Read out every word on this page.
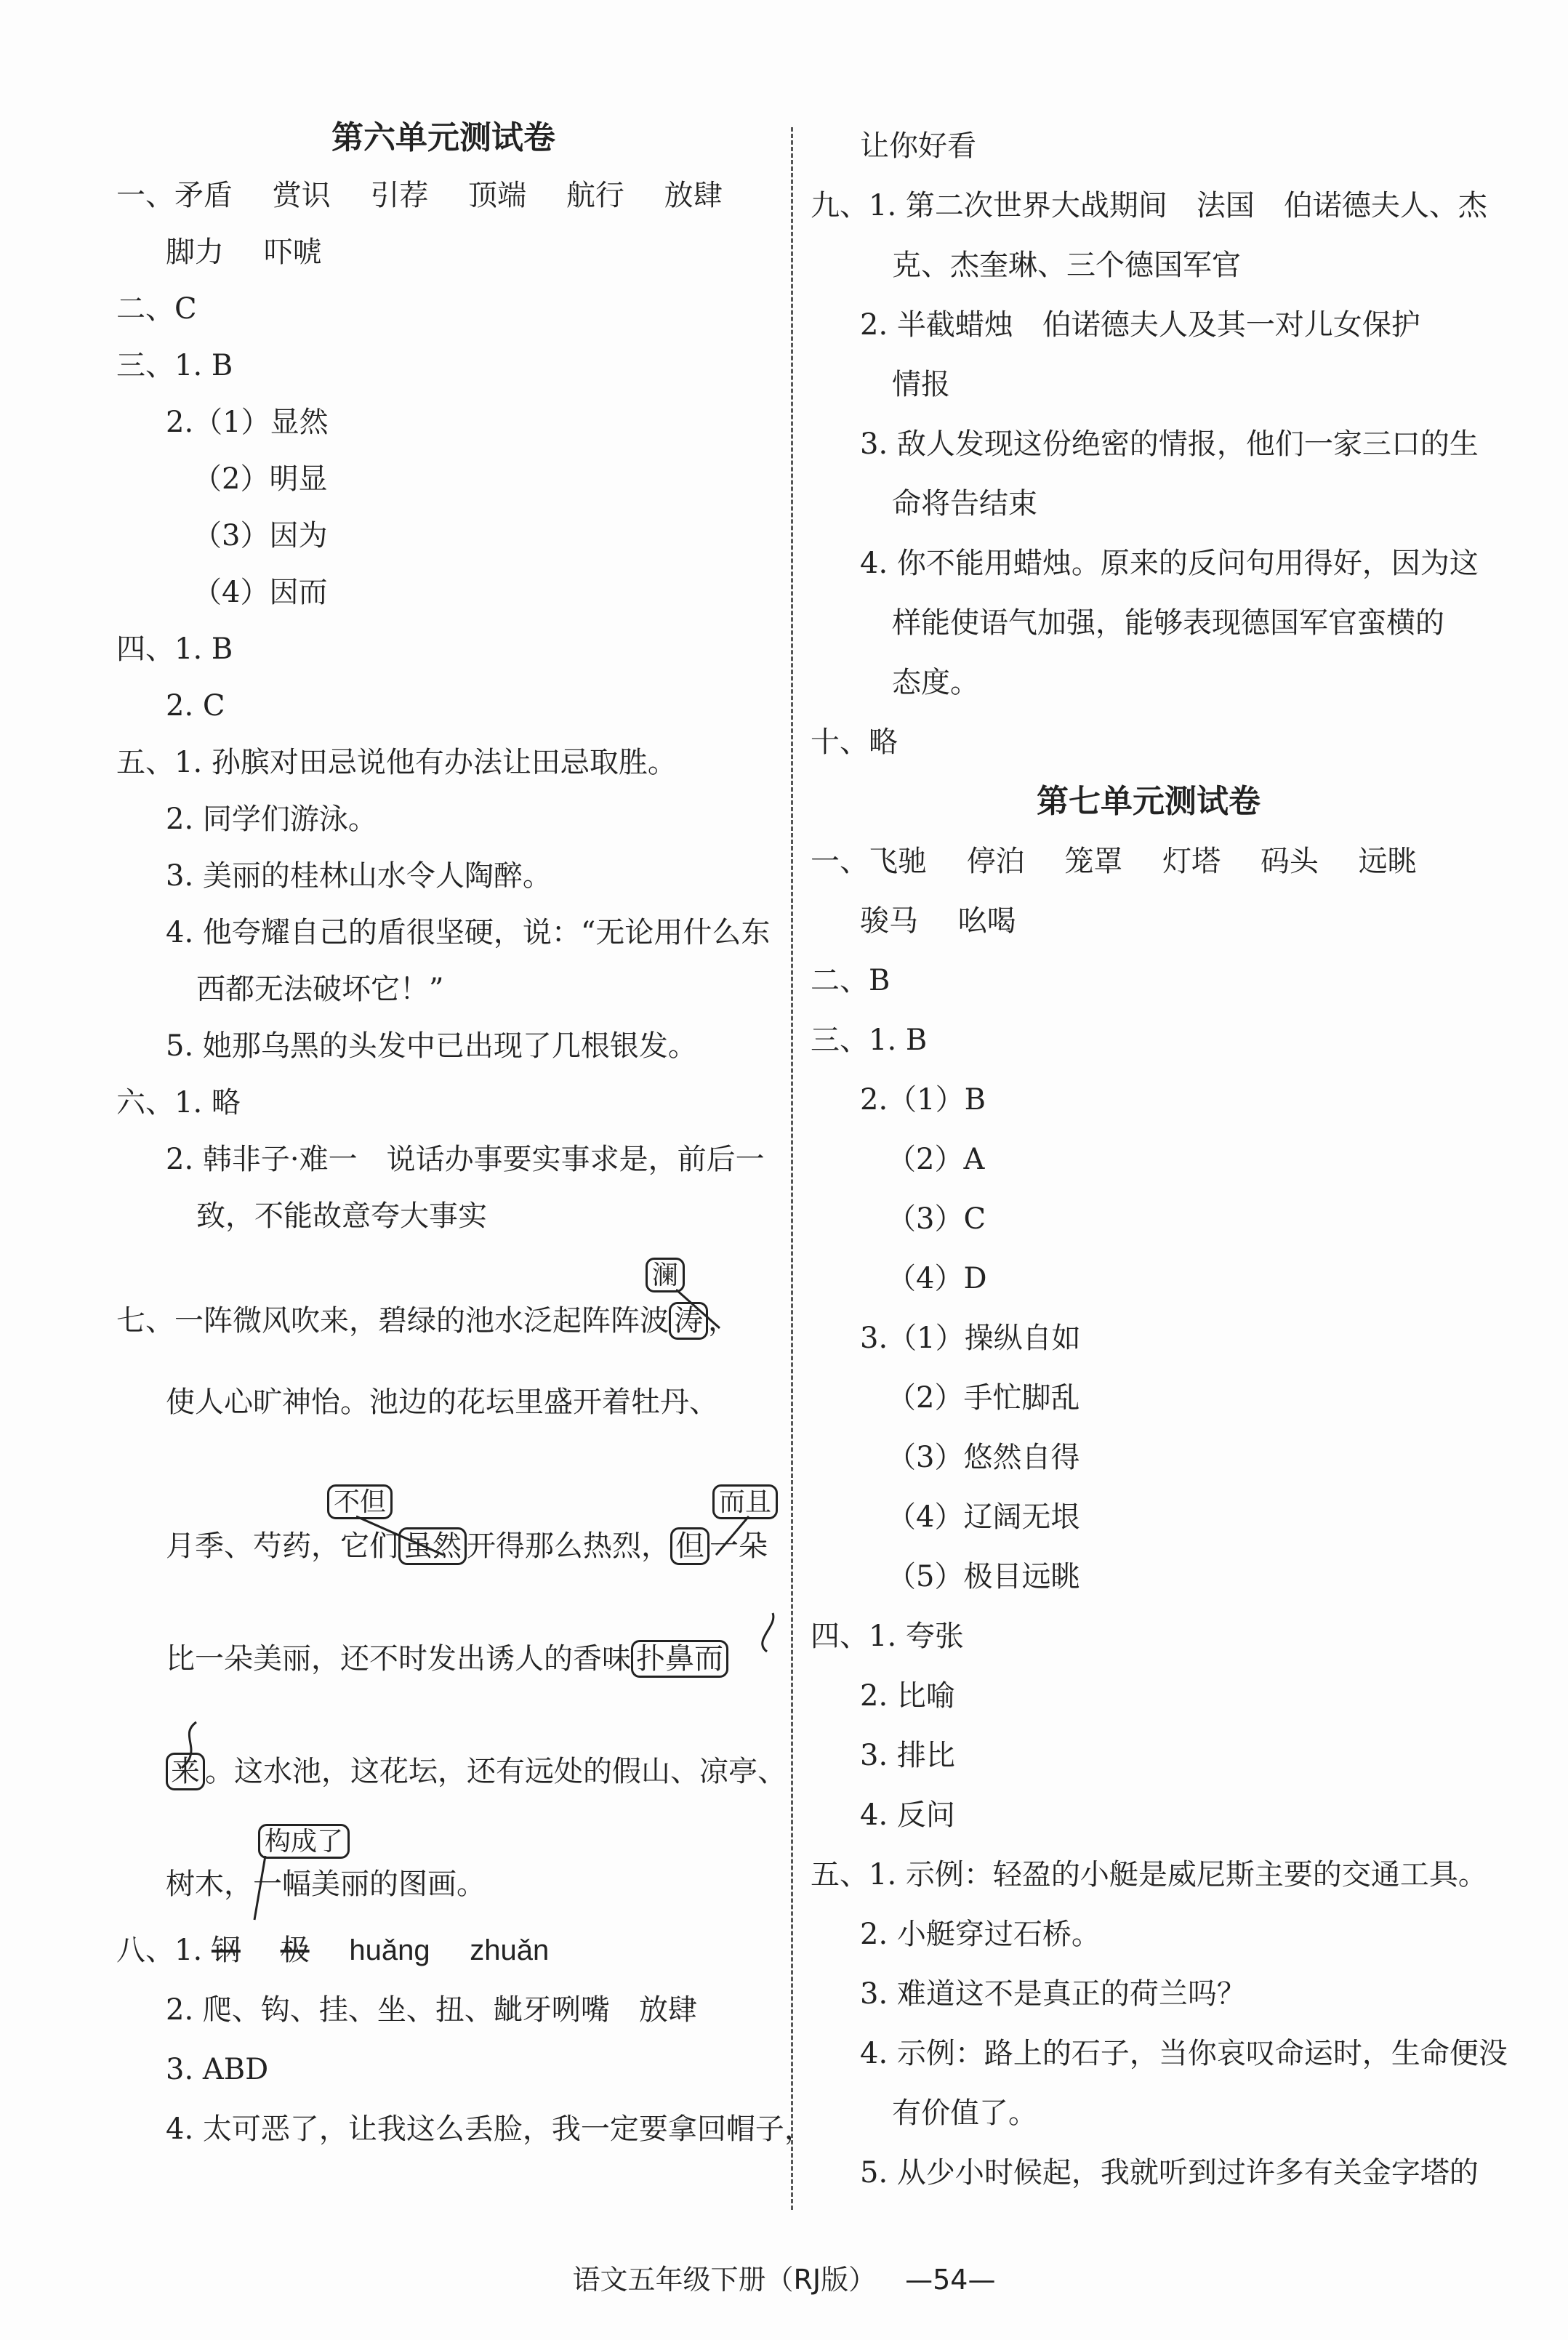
第六单元测试卷
一、矛盾 赏识 引荐 顶端 航行 放肆
脚力 吓唬
二、C
三、1. B
2.（1）显然
（2）明显
（3）因为
（4）因而
四、1. B
2. C
五、1. 孙膑对田忌说他有办法让田忌取胜。
2. 同学们游泳。
3. 美丽的桂林山水令人陶醉。
4. 他夸耀自己的盾很坚硬，说：“无论用什么东
西都无法破坏它！”
5. 她那乌黑的头发中已出现了几根银发。
六、1. 略
2. 韩非子·难一　说话办事要实事求是，前后一
致，不能故意夸大事实
七、一阵微风吹来，碧绿的池水泛起阵阵波 涛 ，
澜
使人心旷神怡。池边的花坛里盛开着牡丹、
月季、芍药，它们 虽然 开得那么热烈， 但 一朵
不但	而且
比一朵美丽，还不时发出诱人的香味 扑鼻而
来 。这水池，这花坛，还有远处的假山、凉亭、
树木，一幅美丽的图画。
构成了
八、1. 钢 极 huǎng zhuǎn
2. 爬、钩、挂、坐、扭、龇牙咧嘴　放肆
3. ABD
4. 太可恶了，让我这么丢脸，我一定要拿回帽子，
让你好看
九、1. 第二次世界大战期间　法国　伯诺德夫人、杰
克、杰奎琳、三个德国军官
2. 半截蜡烛　伯诺德夫人及其一对儿女保护
情报
3. 敌人发现这份绝密的情报，他们一家三口的生
命将告结束
4. 你不能用蜡烛。原来的反问句用得好，因为这
样能使语气加强，能够表现德国军官蛮横的
态度。
十、略
第七单元测试卷
一、飞驰 停泊 笼罩 灯塔 码头 远眺
骏马 吆喝
二、B
三、1. B
2.（1）B
（2）A
（3）C
（4）D
3.（1）操纵自如
（2）手忙脚乱
（3）悠然自得
（4）辽阔无垠
（5）极目远眺
四、1. 夸张
2. 比喻
3. 排比
4. 反问
五、1. 示例：轻盈的小艇是威尼斯主要的交通工具。
2. 小艇穿过石桥。
3. 难道这不是真正的荷兰吗？
4. 示例：路上的石子，当你哀叹命运时，生命便没
有价值了。
5. 从少小时候起，我就听到过许多有关金字塔的
语文五年级下册（RJ版） —54—
